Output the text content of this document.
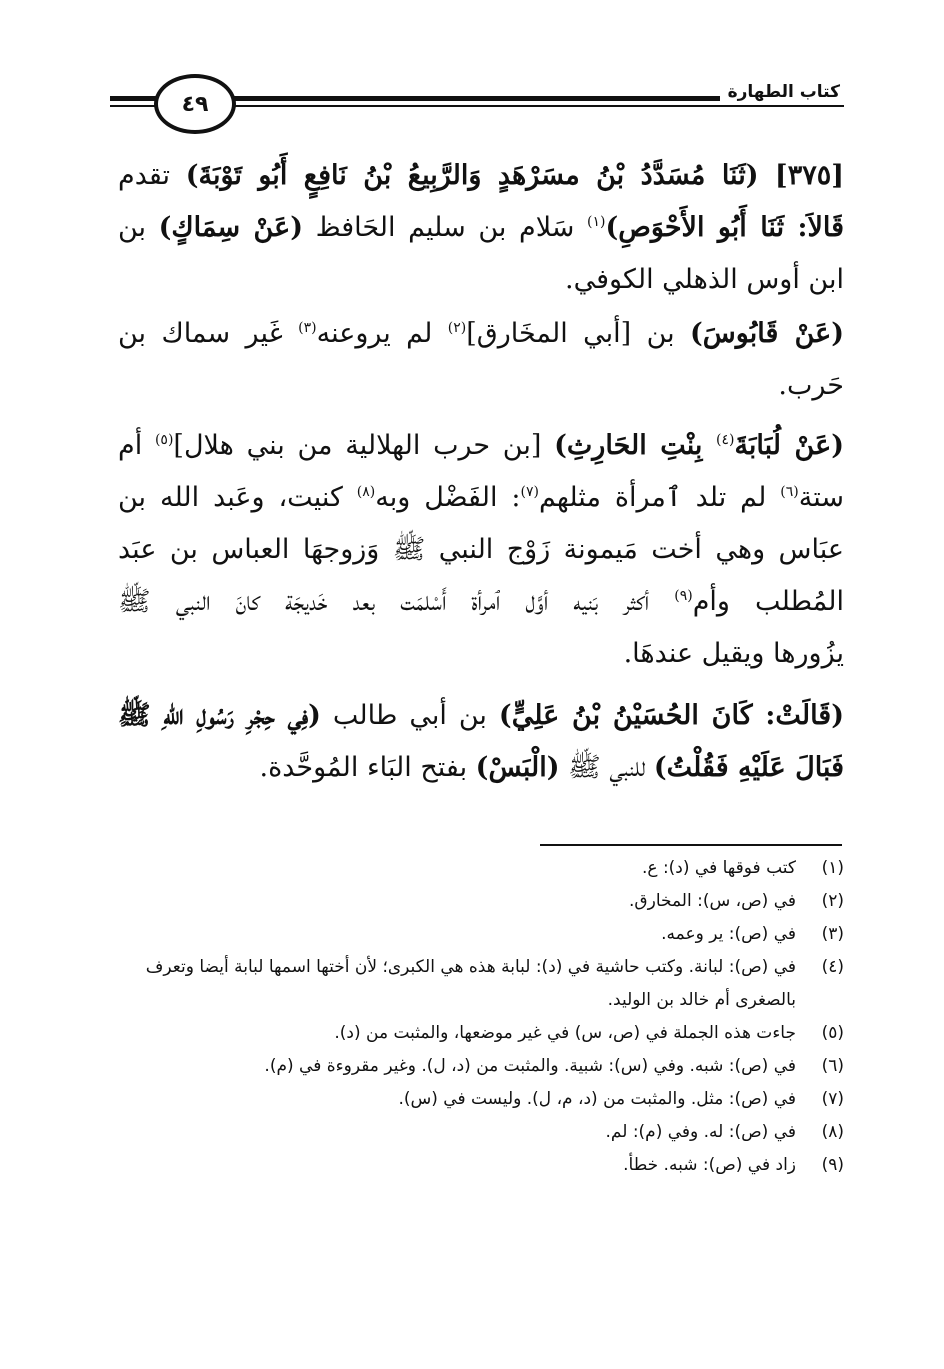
كتاب الطهارة
٤٩
[٣٧٥] (ثَنَا مُسَدَّدُ بْنُ مسَرْهَدٍ وَالرَّبِيعُ بْنُ نَافِعٍ أَبُو تَوْبَةَ) تقدم
قَالاَ: ثَنَا أَبُو الأَحْوَصِ)$^{(١)}$ سَلام بن سليم الحَافظ (عَنْ سِمَاكٍ) بن
ابن أوس الذهلي الكوفي.
(عَنْ قَابُوسَ) بن [أبي المخَارق]$^{(٢)}$ لم يروعنه$^{(٣)}$ غَير سماك بن
حَرب.
(عَنْ لُبَابَةَ$^{(٤)}$ بِنْتِ الحَارِثِ) [بن حرب الهلالية من بني هلال]$^{(٥)}$ أم
ستة$^{(٦)}$ لم تلد ٱمرأة مثلهم$^{(٧)}$: الفَضْل وبه$^{(٨)}$ كنيت، وعَبد الله بن
عبَاس وهي أخت مَيمونة زَوْج النبي ﷺ وَزوجهَا العباس بن عبَد
المُطلب وأم$^{(٩)}$ أكثر بَنيه أوَّل ٱمرأة أَسْلمَت بعد خَديجَة كانَ النبي ﷺ
يزُورها ويقيل عندهَا.
(قَالَتْ: كَانَ الحُسَيْنُ بْنُ عَلِيٍّ) بن أبي طالب (فِي حِجْرِ رَسُولِ اللهِ ﷺ
فَبَالَ عَلَيْهِ فَقُلْتُ) للنبي ﷺ (الْبَسْ) بفتح البَاء المُوحَّدة.
(١)
كتب فوقها في (د): ع.
(٢)
في (ص، س): المخارق.
(٣)
في (ص): ير وعمه.
(٤)
في (ص): لبانة. وكتب حاشية في (د): لبابة هذه هي الكبرى؛ لأن أختها اسمها لبابة أيضا وتعرف بالصغرى أم خالد بن الوليد.
(٥)
جاءت هذه الجملة في (ص، س) في غير موضعها، والمثبت من (د).
(٦)
في (ص): شبه. وفي (س): شبية. والمثبت من (د، ل). وغير مقروءة في (م).
(٧)
في (ص): مثل. والمثبت من (د، م، ل). وليست في (س).
(٨)
في (ص): له. وفي (م): لم.
(٩)
زاد في (ص): شبه. خطأ.
